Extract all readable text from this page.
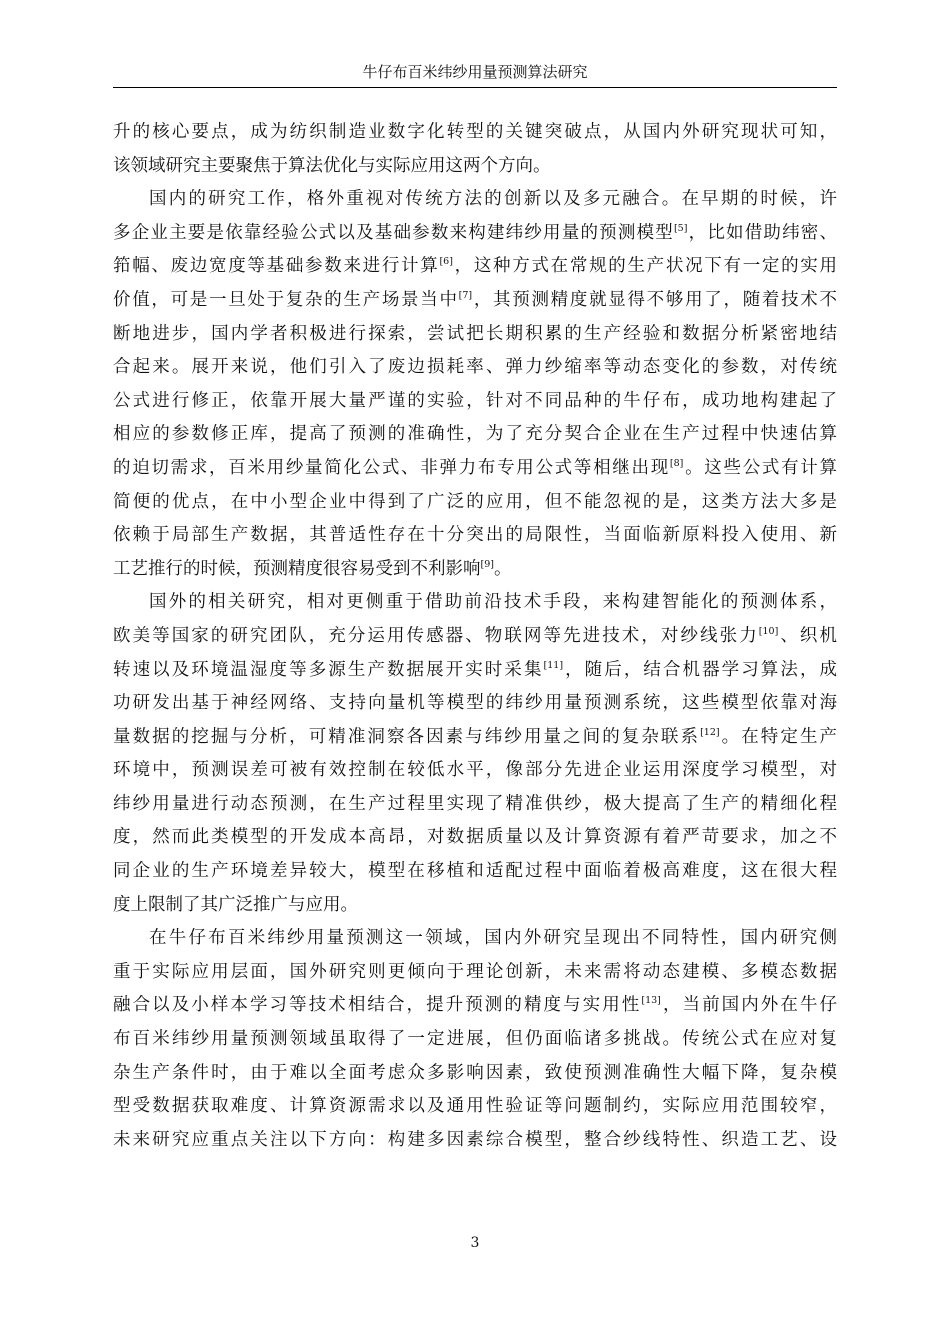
牛仔布百米纬纱用量预测算法研究
升的核心要点，成为纺织制造业数字化转型的关键突破点，从国内外研究现状可知，
该领域研究主要聚焦于算法优化与实际应用这两个方向。
国内的研究工作，格外重视对传统方法的创新以及多元融合。在早期的时候，许
多企业主要是依靠经验公式以及基础参数来构建纬纱用量的预测模型[5]，比如借助纬密、
筘幅、废边宽度等基础参数来进行计算[6]，这种方式在常规的生产状况下有一定的实用
价值，可是一旦处于复杂的生产场景当中[7]，其预测精度就显得不够用了，随着技术不
断地进步，国内学者积极进行探索，尝试把长期积累的生产经验和数据分析紧密地结
合起来。展开来说，他们引入了废边损耗率、弹力纱缩率等动态变化的参数，对传统
公式进行修正，依靠开展大量严谨的实验，针对不同品种的牛仔布，成功地构建起了
相应的参数修正库，提高了预测的准确性，为了充分契合企业在生产过程中快速估算
的迫切需求，百米用纱量简化公式、非弹力布专用公式等相继出现[8]。这些公式有计算
简便的优点，在中小型企业中得到了广泛的应用，但不能忽视的是，这类方法大多是
依赖于局部生产数据，其普适性存在十分突出的局限性，当面临新原料投入使用、新
工艺推行的时候，预测精度很容易受到不利影响[9]。
国外的相关研究，相对更侧重于借助前沿技术手段，来构建智能化的预测体系，
欧美等国家的研究团队，充分运用传感器、物联网等先进技术，对纱线张力[10]、织机
转速以及环境温湿度等多源生产数据展开实时采集[11]，随后，结合机器学习算法，成
功研发出基于神经网络、支持向量机等模型的纬纱用量预测系统，这些模型依靠对海
量数据的挖掘与分析，可精准洞察各因素与纬纱用量之间的复杂联系[12]。在特定生产
环境中，预测误差可被有效控制在较低水平，像部分先进企业运用深度学习模型，对
纬纱用量进行动态预测，在生产过程里实现了精准供纱，极大提高了生产的精细化程
度，然而此类模型的开发成本高昂，对数据质量以及计算资源有着严苛要求，加之不
同企业的生产环境差异较大，模型在移植和适配过程中面临着极高难度，这在很大程
度上限制了其广泛推广与应用。
在牛仔布百米纬纱用量预测这一领域，国内外研究呈现出不同特性，国内研究侧
重于实际应用层面，国外研究则更倾向于理论创新，未来需将动态建模、多模态数据
融合以及小样本学习等技术相结合，提升预测的精度与实用性[13]，当前国内外在牛仔
布百米纬纱用量预测领域虽取得了一定进展，但仍面临诸多挑战。传统公式在应对复
杂生产条件时，由于难以全面考虑众多影响因素，致使预测准确性大幅下降，复杂模
型受数据获取难度、计算资源需求以及通用性验证等问题制约，实际应用范围较窄，
未来研究应重点关注以下方向：构建多因素综合模型，整合纱线特性、织造工艺、设
3
